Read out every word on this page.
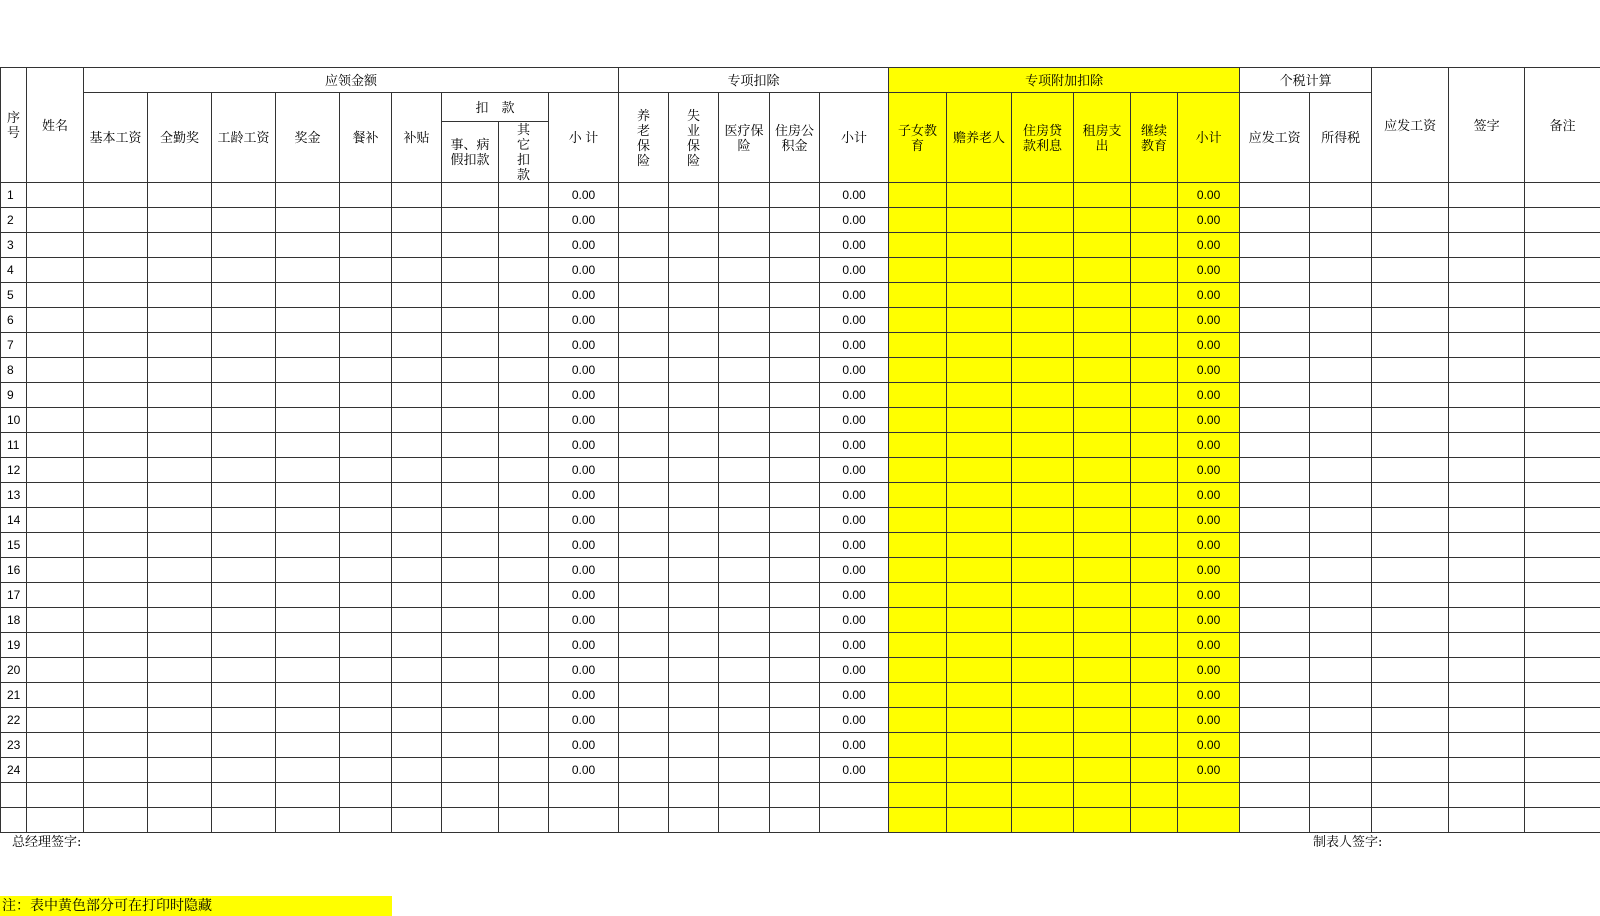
序号	姓名	应领金额									专项扣除					专项附加扣除						个税计算		应发工资	签字	备注
		基本工资	全勤奖	工龄工资	奖金	餐补	补贴	扣　款		小 计	养老保险	失业保险	医疗保险	住房公积金	小计	子女教育	赡养老人	住房贷款利息	租房支出	继续教育	小计	应发工资	所得税			
								事、病假扣款	其它扣款																	
1										0.00					0.00						0.00					
2										0.00					0.00						0.00					
3										0.00					0.00						0.00					
4										0.00					0.00						0.00					
5										0.00					0.00						0.00					
6										0.00					0.00						0.00					
7										0.00					0.00						0.00					
8										0.00					0.00						0.00					
9										0.00					0.00						0.00					
10										0.00					0.00						0.00					
11										0.00					0.00						0.00					
12										0.00					0.00						0.00					
13										0.00					0.00						0.00					
14										0.00					0.00						0.00					
15										0.00					0.00						0.00					
16										0.00					0.00						0.00					
17										0.00					0.00						0.00					
18										0.00					0.00						0.00					
19										0.00					0.00						0.00					
20										0.00					0.00						0.00					
21										0.00					0.00						0.00					
22										0.00					0.00						0.00					
23										0.00					0.00						0.00					
24										0.00					0.00						0.00					

总经理签字:	制表人签字:
注：表中黄色部分可在打印时隐藏
